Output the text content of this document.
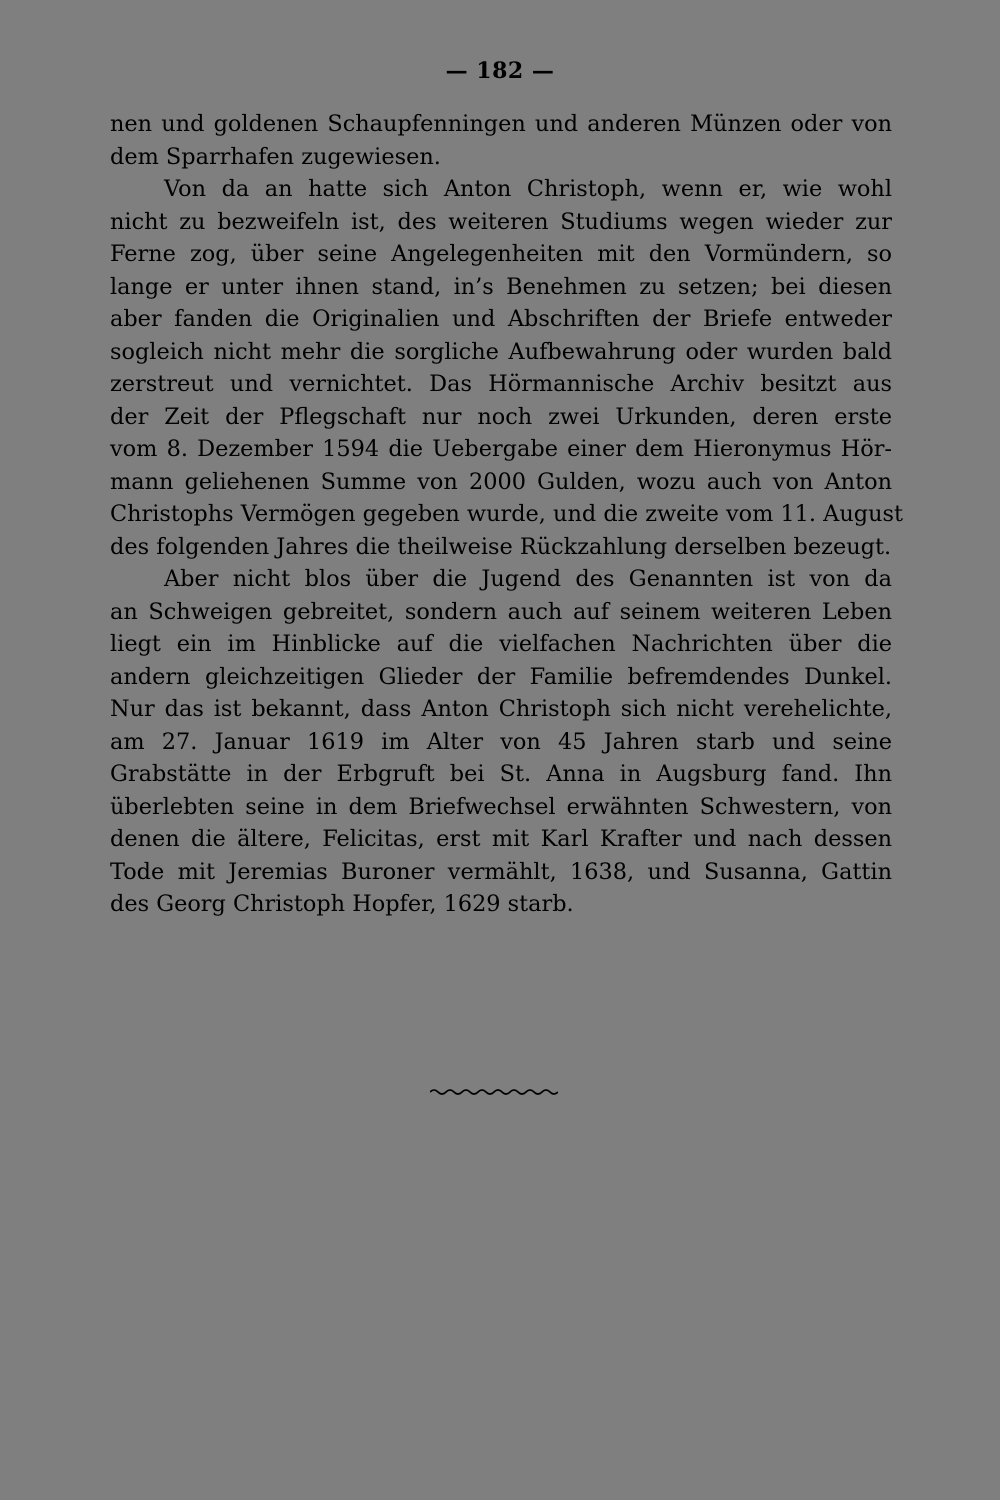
— 182 —
nen und goldenen Schaupfenningen und anderen Münzen oder von
dem Sparrhafen zugewiesen.
Von da an hatte sich Anton Christoph, wenn er, wie wohl
nicht zu bezweifeln ist, des weiteren Studiums wegen wieder zur
Ferne zog, über seine Angelegenheiten mit den Vormündern, so
lange er unter ihnen stand, in’s Benehmen zu setzen; bei diesen
aber fanden die Originalien und Abschriften der Briefe entweder
sogleich nicht mehr die sorgliche Aufbewahrung oder wurden bald
zerstreut und vernichtet. Das Hörmannische Archiv besitzt aus
der Zeit der Pflegschaft nur noch zwei Urkunden, deren erste
vom 8. Dezember 1594 die Uebergabe einer dem Hieronymus Hör-
mann geliehenen Summe von 2000 Gulden, wozu auch von Anton
Christophs Vermögen gegeben wurde, und die zweite vom 11. August
des folgenden Jahres die theilweise Rückzahlung derselben bezeugt.
Aber nicht blos über die Jugend des Genannten ist von da
an Schweigen gebreitet, sondern auch auf seinem weiteren Leben
liegt ein im Hinblicke auf die vielfachen Nachrichten über die
andern gleichzeitigen Glieder der Familie befremdendes Dunkel.
Nur das ist bekannt, dass Anton Christoph sich nicht verehelichte,
am 27. Januar 1619 im Alter von 45 Jahren starb und seine
Grabstätte in der Erbgruft bei St. Anna in Augsburg fand. Ihn
überlebten seine in dem Briefwechsel erwähnten Schwestern, von
denen die ältere, Felicitas, erst mit Karl Krafter und nach dessen
Tode mit Jeremias Buroner vermählt, 1638, und Susanna, Gattin
des Georg Christoph Hopfer, 1629 starb.
